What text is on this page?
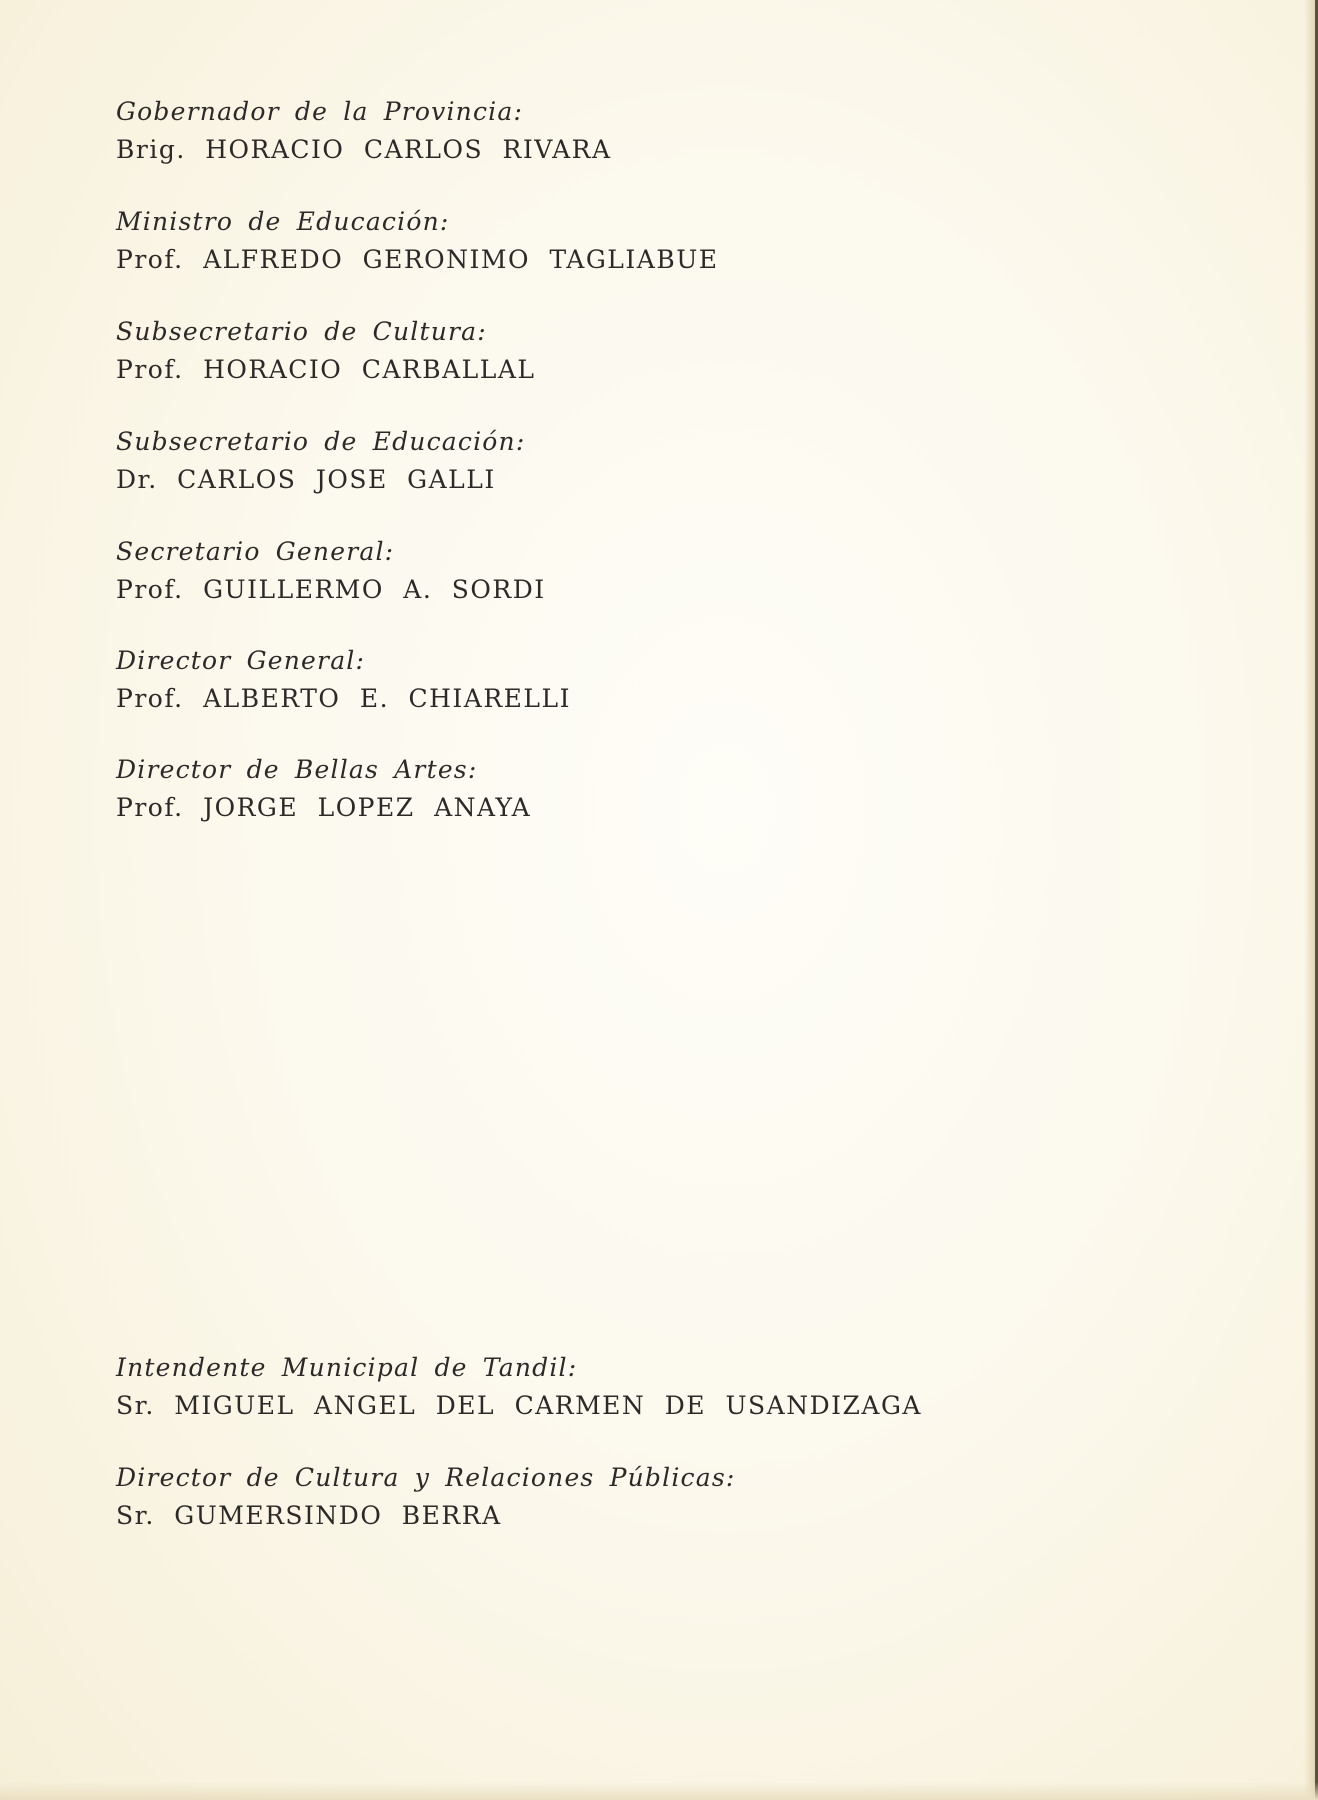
Gobernador de la Provincia:
Brig. HORACIO CARLOS RIVARA
Ministro de Educación:
Prof. ALFREDO GERONIMO TAGLIABUE
Subsecretario de Cultura:
Prof. HORACIO CARBALLAL
Subsecretario de Educación:
Dr. CARLOS JOSE GALLI
Secretario General:
Prof. GUILLERMO A. SORDI
Director General:
Prof. ALBERTO E. CHIARELLI
Director de Bellas Artes:
Prof. JORGE LOPEZ ANAYA
Intendente Municipal de Tandil:
Sr. MIGUEL ANGEL DEL CARMEN DE USANDIZAGA
Director de Cultura y Relaciones Públicas:
Sr. GUMERSINDO BERRA
